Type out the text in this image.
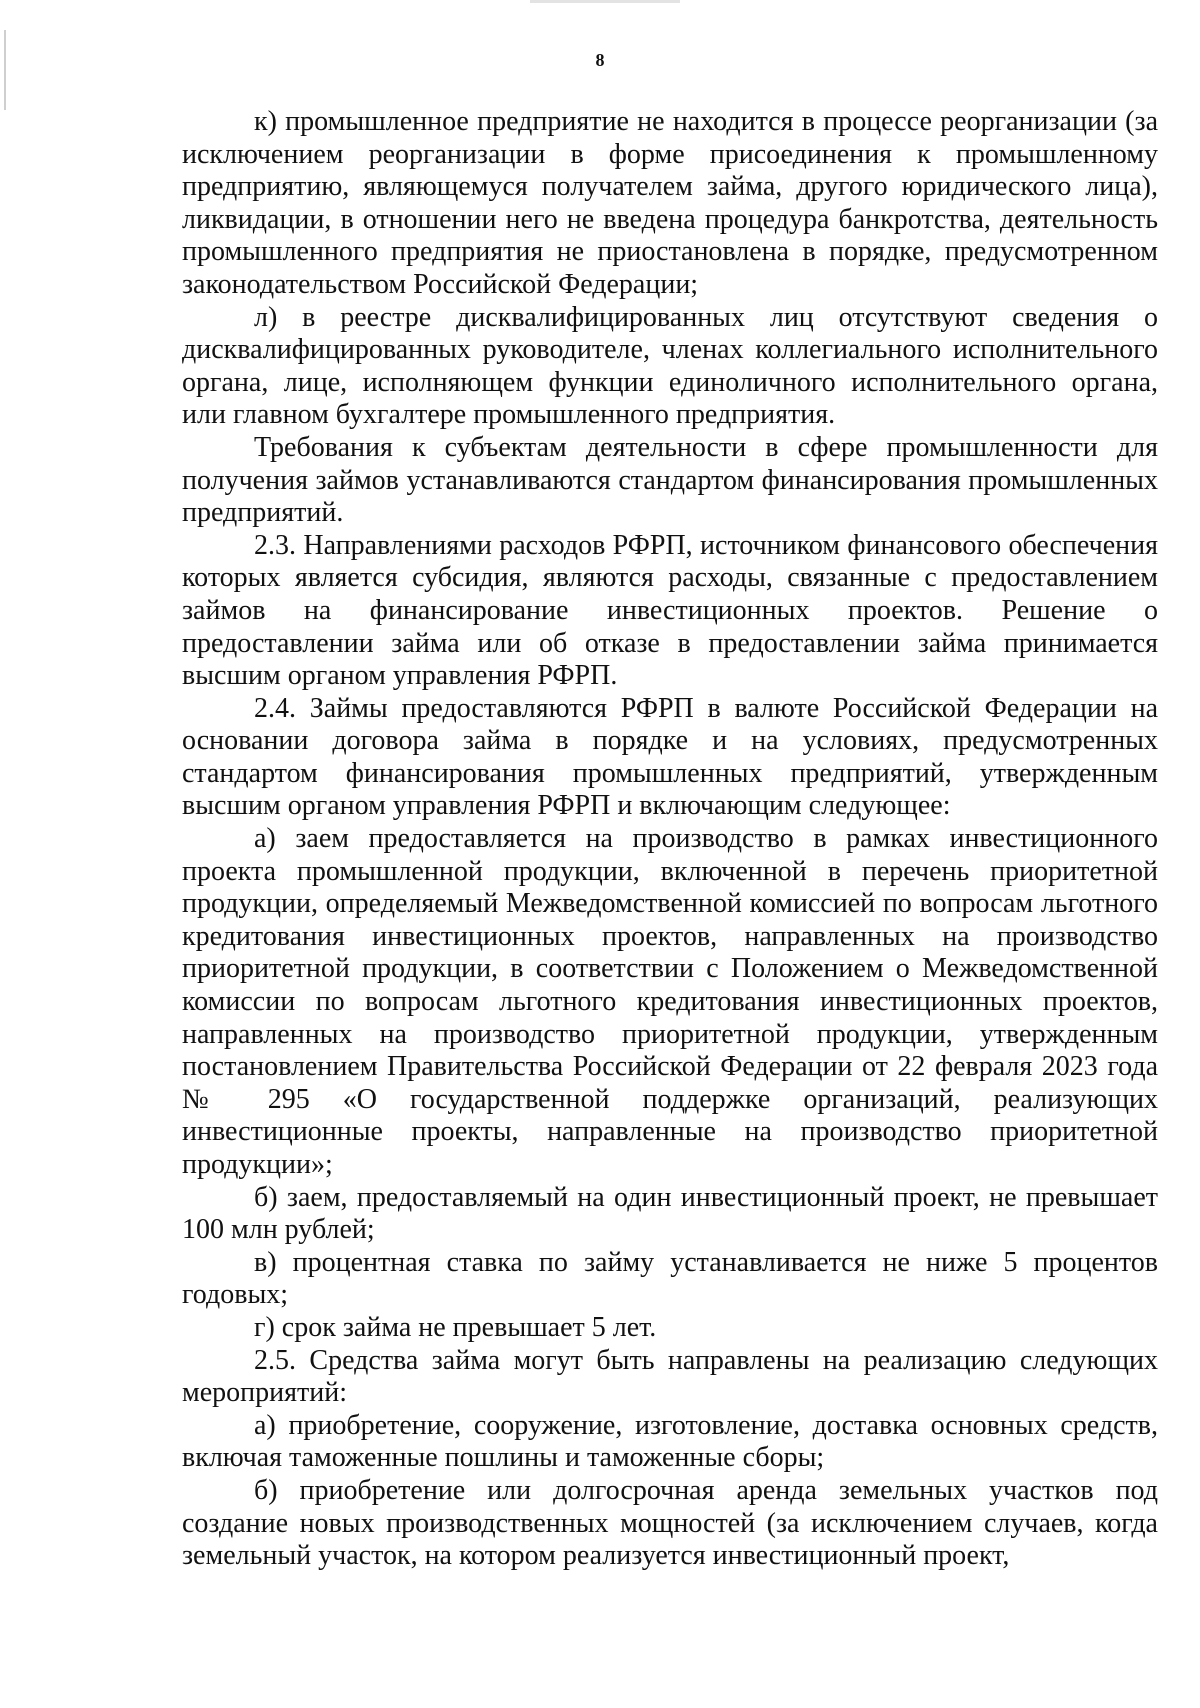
8

к) промышленное предприятие не находится в процессе реорганизации (за исключением реорганизации в форме присоединения к промышленному предприятию, являющемуся получателем займа, другого юридического лица), ликвидации, в отношении него не введена процедура банкротства, деятельность промышленного предприятия не приостановлена в порядке, предусмотренном законодательством Российской Федерации;

л) в реестре дисквалифицированных лиц отсутствуют сведения о дисквалифицированных руководителе, членах коллегиального исполнительного органа, лице, исполняющем функции единоличного исполнительного органа, или главном бухгалтере промышленного предприятия.

Требования к субъектам деятельности в сфере промышленности для получения займов устанавливаются стандартом финансирования промышленных предприятий.

2.3. Направлениями расходов РФРП, источником финансового обеспечения которых является субсидия, являются расходы, связанные с предоставлением займов на финансирование инвестиционных проектов. Решение о предоставлении займа или об отказе в предоставлении займа принимается высшим органом управления РФРП.

2.4. Займы предоставляются РФРП в валюте Российской Федерации на основании договора займа в порядке и на условиях, предусмотренных стандартом финансирования промышленных предприятий, утвержденным высшим органом управления РФРП и включающим следующее:

а) заем предоставляется на производство в рамках инвестиционного проекта промышленной продукции, включенной в перечень приоритетной продукции, определяемый Межведомственной комиссией по вопросам льготного кредитования инвестиционных проектов, направленных на производство приоритетной продукции, в соответствии с Положением о Межведомственной комиссии по вопросам льготного кредитования инвестиционных проектов, направленных на производство приоритетной продукции, утвержденным постановлением Правительства Российской Федерации от 22 февраля 2023 года № 295 «О государственной поддержке организаций, реализующих инвестиционные проекты, направленные на производство приоритетной продукции»;

б) заем, предоставляемый на один инвестиционный проект, не превышает 100 млн рублей;

в) процентная ставка по займу устанавливается не ниже 5 процентов годовых;

г) срок займа не превышает 5 лет.

2.5. Средства займа могут быть направлены на реализацию следующих мероприятий:

а) приобретение, сооружение, изготовление, доставка основных средств, включая таможенные пошлины и таможенные сборы;

б) приобретение или долгосрочная аренда земельных участков под создание новых производственных мощностей (за исключением случаев, когда земельный участок, на котором реализуется инвестиционный проект,
